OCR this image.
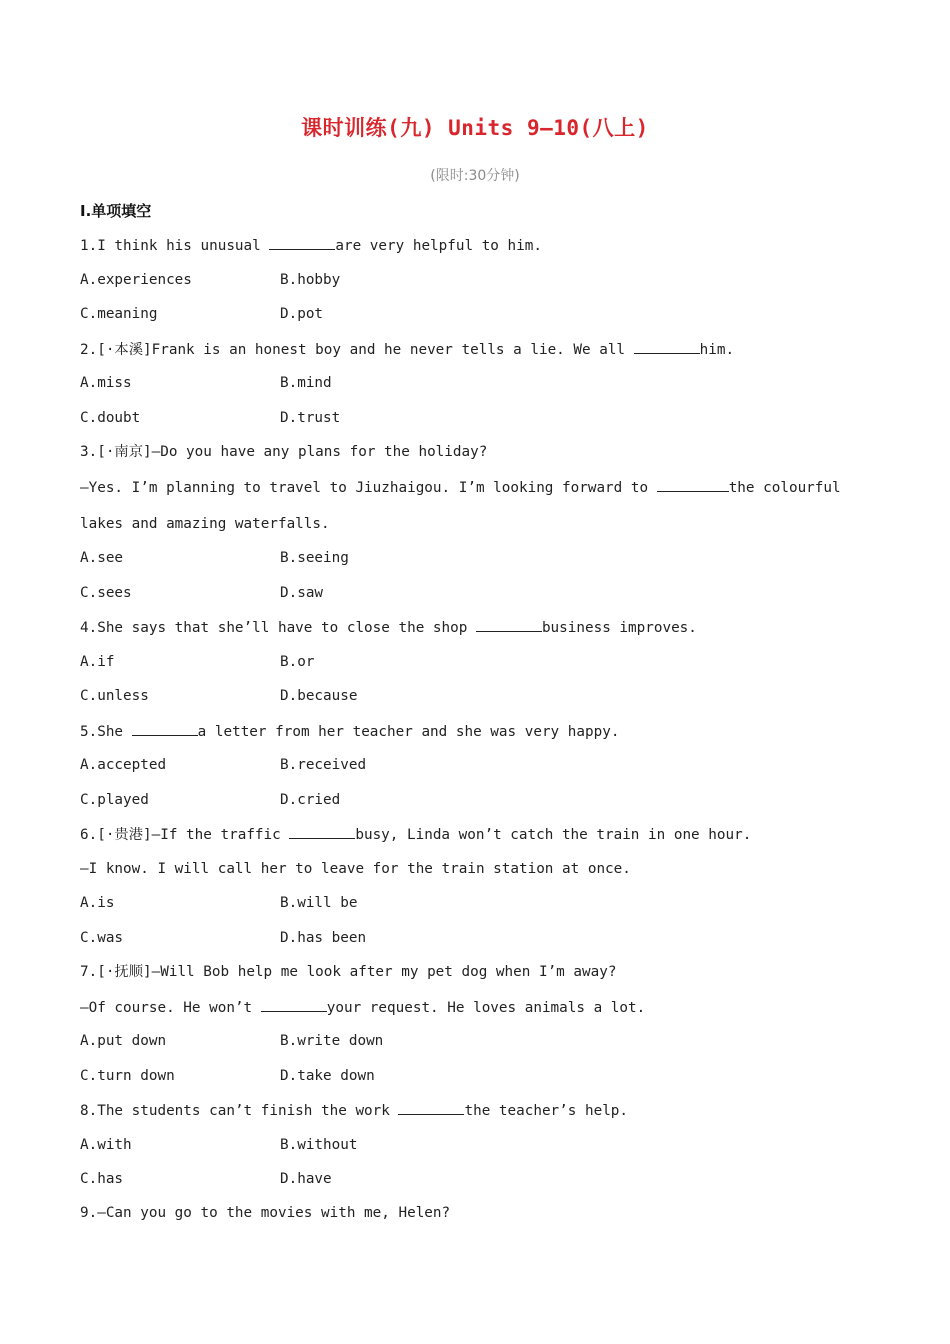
课时训练(九) Units 9—10(八上)
(限时:30分钟)
Ⅰ.单项填空
1.I think his unusual	are very helpful to him.
A.experiences	B.hobby
C.meaning	D.pot
2.[·本溪]Frank is an honest boy and he never tells a lie. We all	him.
A.miss	B.mind
C.doubt	D.trust
3.[·南京]—Do you have any plans for the holiday?
—Yes. I’m planning to travel to Jiuzhaigou. I’m looking forward to	the colourful
lakes and amazing waterfalls.
A.see	B.seeing
C.sees	D.saw
4.She says that she’ll have to close the shop	business improves.
A.if	B.or
C.unless	D.because
5.She	a letter from her teacher and she was very happy.
A.accepted	B.received
C.played	D.cried
6.[·贵港]—If the traffic	busy, Linda won’t catch the train in one hour.
—I know. I will call her to leave for the train station at once.
A.is	B.will be
C.was	D.has been
7.[·抚顺]—Will Bob help me look after my pet dog when I’m away?
—Of course. He won’t	your request. He loves animals a lot.
A.put down	B.write down
C.turn down	D.take down
8.The students can’t finish the work	the teacher’s help.
A.with	B.without
C.has	D.have
9.—Can you go to the movies with me, Helen?
